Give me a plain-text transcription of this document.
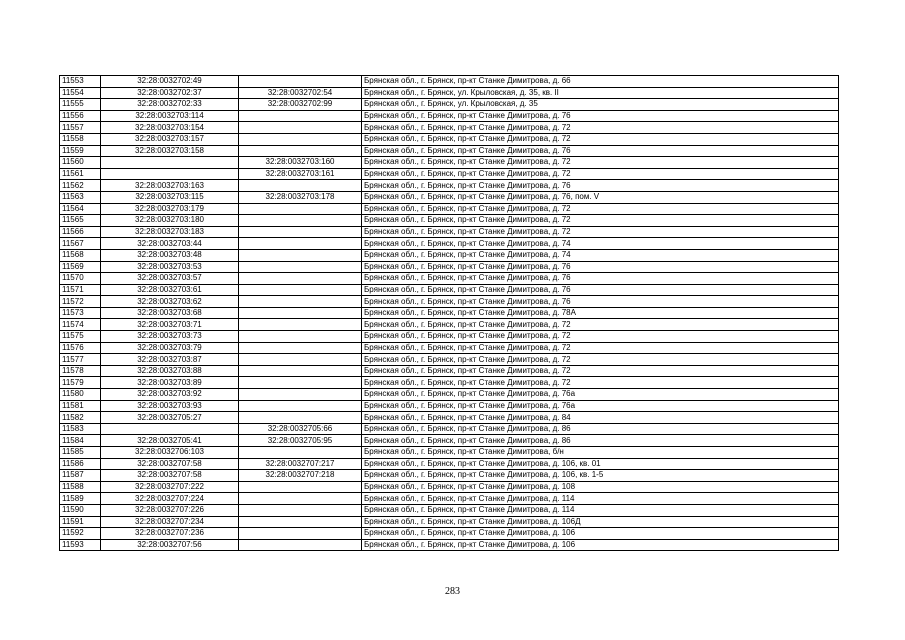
11553	32:28:0032702:49		Брянская обл., г. Брянск, пр-кт Станке Димитрова, д. 66
11554	32:28:0032702:37	32:28:0032702:54	Брянская обл., г. Брянск, ул. Крыловская, д. 35, кв. II
11555	32:28:0032702:33	32:28:0032702:99	Брянская обл., г. Брянск, ул. Крыловская, д. 35
11556	32:28:0032703:114		Брянская обл., г. Брянск, пр-кт Станке Димитрова, д. 76
11557	32:28:0032703:154		Брянская обл., г. Брянск, пр-кт Станке Димитрова, д. 72
11558	32:28:0032703:157		Брянская обл., г. Брянск, пр-кт Станке Димитрова, д. 72
11559	32:28:0032703:158		Брянская обл., г. Брянск, пр-кт Станке Димитрова, д. 76
11560		32:28:0032703:160	Брянская обл., г. Брянск, пр-кт Станке Димитрова, д. 72
11561		32:28:0032703:161	Брянская обл., г. Брянск, пр-кт Станке Димитрова, д. 72
11562	32:28:0032703:163		Брянская обл., г. Брянск, пр-кт Станке Димитрова, д. 76
11563	32:28:0032703:115	32:28:0032703:178	Брянская обл., г. Брянск, пр-кт Станке Димитрова, д. 76, пом. V
11564	32:28:0032703:179		Брянская обл., г. Брянск, пр-кт Станке Димитрова, д. 72
11565	32:28:0032703:180		Брянская обл., г. Брянск, пр-кт Станке Димитрова, д. 72
11566	32:28:0032703:183		Брянская обл., г. Брянск, пр-кт Станке Димитрова, д. 72
11567	32:28:0032703:44		Брянская обл., г. Брянск, пр-кт Станке Димитрова, д. 74
11568	32:28:0032703:48		Брянская обл., г. Брянск, пр-кт Станке Димитрова, д. 74
11569	32:28:0032703:53		Брянская обл., г. Брянск, пр-кт Станке Димитрова, д. 76
11570	32:28:0032703:57		Брянская обл., г. Брянск, пр-кт Станке Димитрова, д. 76
11571	32:28:0032703:61		Брянская обл., г. Брянск, пр-кт Станке Димитрова, д. 76
11572	32:28:0032703:62		Брянская обл., г. Брянск, пр-кт Станке Димитрова, д. 76
11573	32:28:0032703:68		Брянская обл., г. Брянск, пр-кт Станке Димитрова, д. 78А
11574	32:28:0032703:71		Брянская обл., г. Брянск, пр-кт Станке Димитрова, д. 72
11575	32:28:0032703:73		Брянская обл., г. Брянск, пр-кт Станке Димитрова, д. 72
11576	32:28:0032703:79		Брянская обл., г. Брянск, пр-кт Станке Димитрова, д. 72
11577	32:28:0032703:87		Брянская обл., г. Брянск, пр-кт Станке Димитрова, д. 72
11578	32:28:0032703:88		Брянская обл., г. Брянск, пр-кт Станке Димитрова, д. 72
11579	32:28:0032703:89		Брянская обл., г. Брянск, пр-кт Станке Димитрова, д. 72
11580	32:28:0032703:92		Брянская обл., г. Брянск, пр-кт Станке Димитрова, д. 76а
11581	32:28:0032703:93		Брянская обл., г. Брянск, пр-кт Станке Димитрова, д. 76а
11582	32:28:0032705:27		Брянская обл., г. Брянск, пр-кт Станке Димитрова, д. 84
11583		32:28:0032705:66	Брянская обл., г. Брянск, пр-кт Станке Димитрова, д. 86
11584	32:28:0032705:41	32:28:0032705:95	Брянская обл., г. Брянск, пр-кт Станке Димитрова, д. 86
11585	32:28:0032706:103		Брянская обл., г. Брянск, пр-кт Станке Димитрова, б/н
11586	32:28:0032707:58	32:28:0032707:217	Брянская обл., г. Брянск, пр-кт Станке Димитрова, д. 106, кв. 01
11587	32:28:0032707:58	32:28:0032707:218	Брянская обл., г. Брянск, пр-кт Станке Димитрова, д. 106, кв. 1-5
11588	32:28:0032707:222		Брянская обл., г. Брянск, пр-кт Станке Димитрова, д. 108
11589	32:28:0032707:224		Брянская обл., г. Брянск, пр-кт Станке Димитрова, д. 114
11590	32:28:0032707:226		Брянская обл., г. Брянск, пр-кт Станке Димитрова, д. 114
11591	32:28:0032707:234		Брянская обл., г. Брянск, пр-кт Станке Димитрова, д. 106Д
11592	32:28:0032707:236		Брянская обл., г. Брянск, пр-кт Станке Димитрова, д. 106
11593	32:28:0032707:56		Брянская обл., г. Брянск, пр-кт Станке Димитрова, д. 106
283
